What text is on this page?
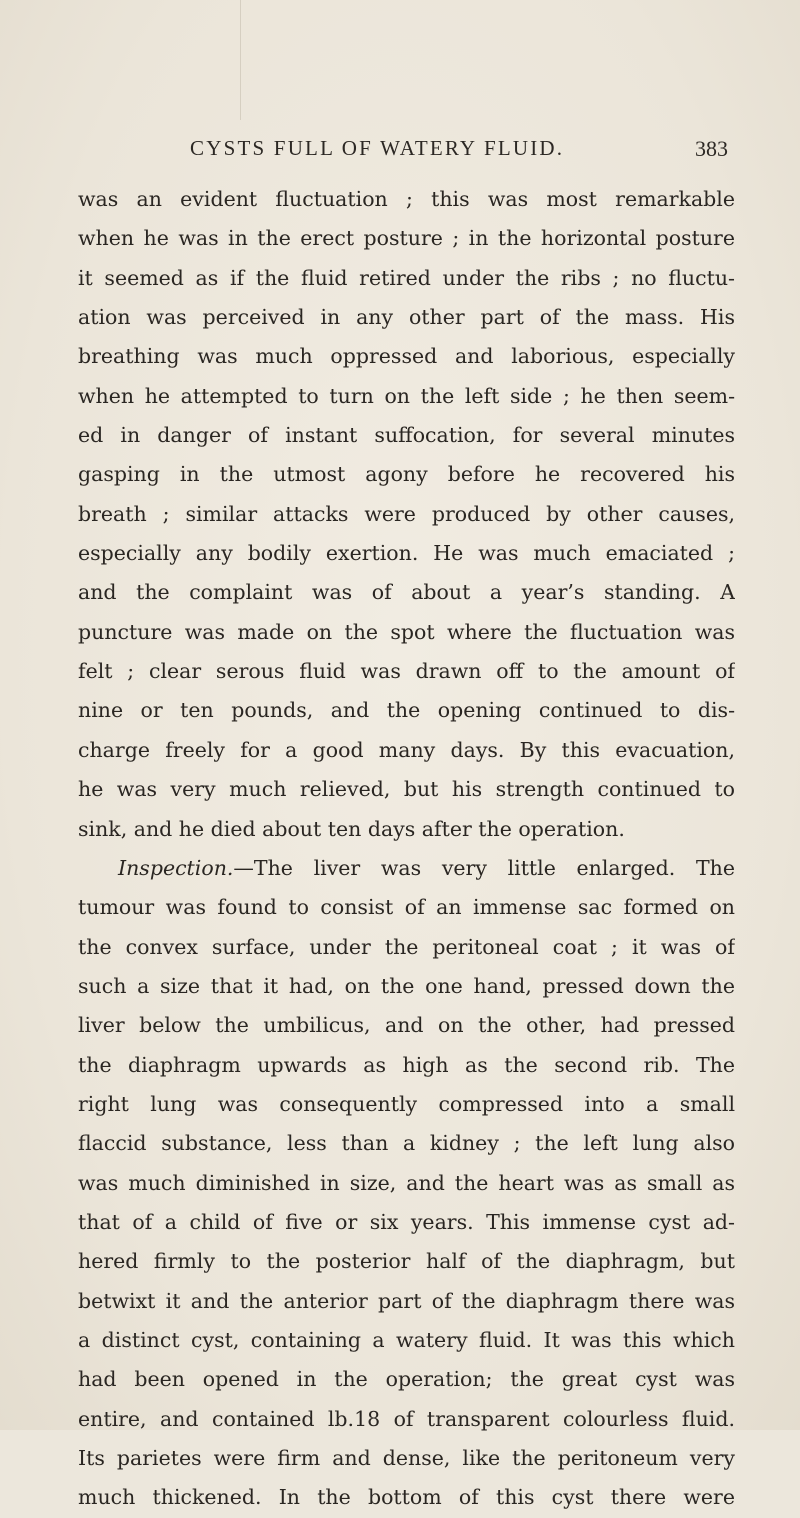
CYSTS FULL OF WATERY FLUID.	383
was an evident fluctuation ; this was most remarkable
when he was in the erect posture ; in the horizontal posture
it seemed as if the fluid retired under the ribs ; no fluctu-
ation was perceived in any other part of the mass. His
breathing was much oppressed and laborious, especially
when he attempted to turn on the left side ; he then seem-
ed in danger of instant suffocation, for several minutes
gasping in the utmost agony before he recovered his
breath ; similar attacks were produced by other causes,
especially any bodily exertion. He was much emaciated ;
and the complaint was of about a year’s standing. A
puncture was made on the spot where the fluctuation was
felt ; clear serous fluid was drawn off to the amount of
nine or ten pounds, and the opening continued to dis-
charge freely for a good many days. By this evacuation,
he was very much relieved, but his strength continued to
sink, and he died about ten days after the operation.
Inspection.—The liver was very little enlarged. The
tumour was found to consist of an immense sac formed on
the convex surface, under the peritoneal coat ; it was of
such a size that it had, on the one hand, pressed down the
liver below the umbilicus, and on the other, had pressed
the diaphragm upwards as high as the second rib. The
right lung was consequently compressed into a small
flaccid substance, less than a kidney ; the left lung also
was much diminished in size, and the heart was as small as
that of a child of five or six years. This immense cyst ad-
hered firmly to the posterior half of the diaphragm, but
betwixt it and the anterior part of the diaphragm there was
a distinct cyst, containing a watery fluid. It was this which
had been opened in the operation; the great cyst was
entire, and contained lb.18 of transparent colourless fluid.
Its parietes were firm and dense, like the peritoneum very
much thickened. In the bottom of this cyst there were
